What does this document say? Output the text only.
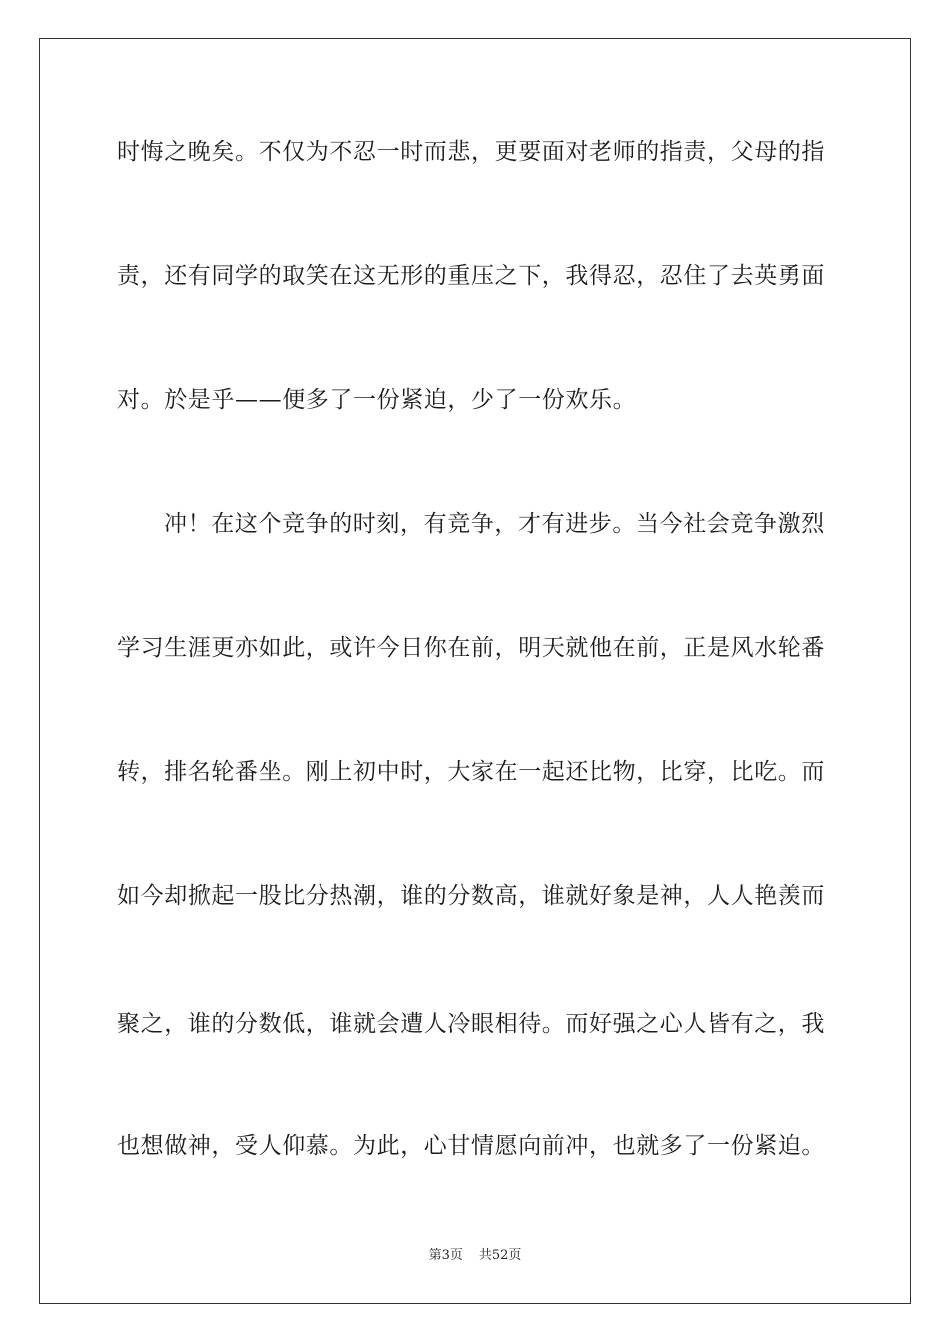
时悔之晚矣。不仅为不忍一时而悲，更要面对老师的指责，父母的指
责，还有同学的取笑在这无形的重压之下，我得忍，忍住了去英勇面
对。於是乎——便多了一份紧迫，少了一份欢乐。
冲！在这个竞争的时刻，有竞争，才有进步。当今社会竞争激烈
学习生涯更亦如此，或许今日你在前，明天就他在前，正是风水轮番
转，排名轮番坐。刚上初中时，大家在一起还比物，比穿，比吃。而
如今却掀起一股比分热潮，谁的分数高，谁就好象是神，人人艳羡而
聚之，谁的分数低，谁就会遭人冷眼相待。而好强之心人皆有之，我
也想做神，受人仰慕。为此，心甘情愿向前冲，也就多了一份紧迫。
第3页 共52页
